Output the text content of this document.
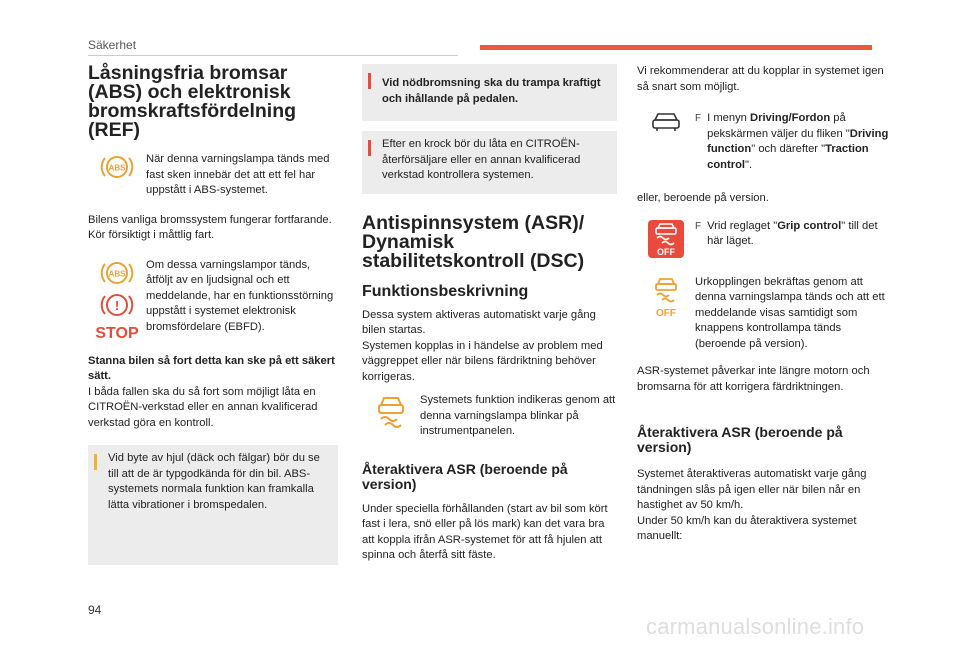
Säkerhet
Låsningsfria bromsar (ABS) och elektronisk bromskraftsfördelning (REF)
ABS

När denna varningslampa tänds med fast sken innebär det att ett fel har uppstått i ABS-systemet.

Bilens vanliga bromssystem fungerar fortfarande. Kör försiktigt i måttlig fart.

ABS
!
STOP

Om dessa varningslampor tänds, åtföljt av en ljudsignal och ett meddelande, har en funktionsstörning uppstått i systemet elektronisk bromsfördelare (EBFD).

Stanna bilen så fort detta kan ske på ett säkert sätt.

I båda fallen ska du så fort som möjligt låta en CITROËN-verkstad eller en annan kvalificerad verkstad göra en kontroll.

Vid byte av hjul (däck och fälgar) bör du se till att de är typgodkända för din bil. ABS-systemets normala funktion kan framkalla lätta vibrationer i bromspedalen.

Vid nödbromsning ska du trampa kraftigt och ihållande på pedalen.

Efter en krock bör du låta en CITROËN-återförsäljare eller en annan kvalificerad verkstad kontrollera systemen.

Antispinnsystem (ASR)/ Dynamisk stabilitetskontroll (DSC)
Funktionsbeskrivning

Dessa system aktiveras automatiskt varje gång bilen startas.

Systemen kopplas in i händelse av problem med väggreppet eller när bilens färdriktning behöver korrigeras.

Systemets funktion indikeras genom att denna varningslampa blinkar på instrumentpanelen.

Återaktivera ASR (beroende på version)

Under speciella förhållanden (start av bil som kört fast i lera, snö eller på lös mark) kan det vara bra att koppla ifrån ASR-systemet för att få hjulen att spinna och återfå sitt fäste.

Vi rekommenderar att du kopplar in systemet igen så snart som möjligt.

F I menyn Driving/Fordon på pekskärmen väljer du fliken "Driving function" och därefter "Traction control".

eller, beroende på version.

OFF
F Vrid reglaget "Grip control" till det här läget.

OFF

Urkopplingen bekräftas genom att denna varningslampa tänds och att ett meddelande visas samtidigt som knappens kontrollampa tänds (beroende på version).

ASR-systemet påverkar inte längre motorn och bromsarna för att korrigera färdriktningen.

Återaktivera ASR (beroende på version)

Systemet återaktiveras automatiskt varje gång tändningen slås på igen eller när bilen når en hastighet av 50 km/h.

Under 50 km/h kan du återaktivera systemet manuellt:

94
carmanualsonline.info
